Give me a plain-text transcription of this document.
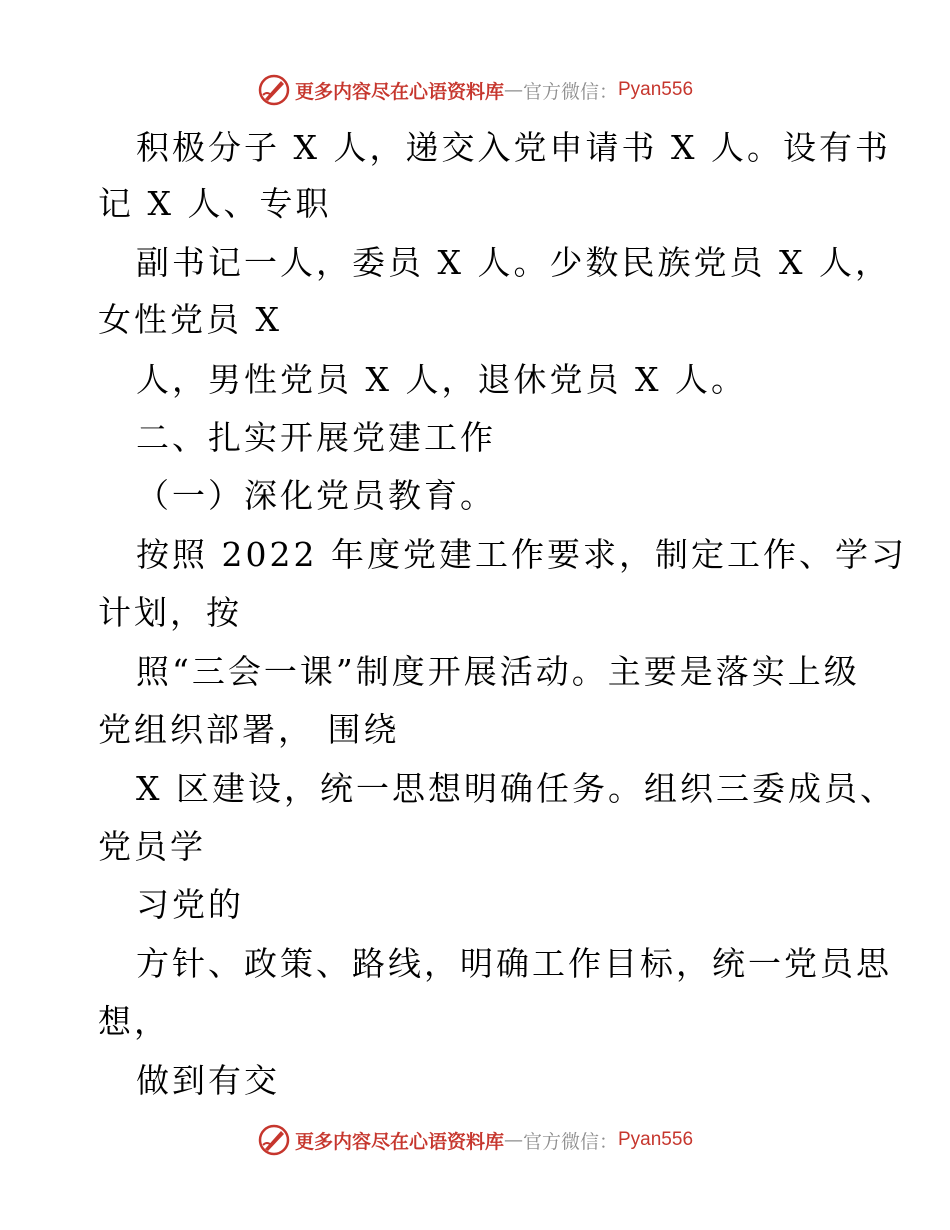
更多内容尽在心语资料库 — 官方微信： Pyan556
积极分子 X 人，递交入党申请书 X 人。设有书
记 X 人、专职
副书记一人，委员 X 人。少数民族党员 X 人，
女性党员 X
人，男性党员 X 人，退休党员 X 人。
二、扎实开展党建工作
（一）深化党员教育。
按照 2022 年度党建工作要求，制定工作、学习
计划，按
照“三会一课”制度开展活动。主要是落实上级
党组织部署， 围绕
X 区建设，统一思想明确任务。组织三委成员、
党员学
习党的
方针、政策、路线，明确工作目标，统一党员思
想，
做到有交
更多内容尽在心语资料库 — 官方微信： Pyan556
